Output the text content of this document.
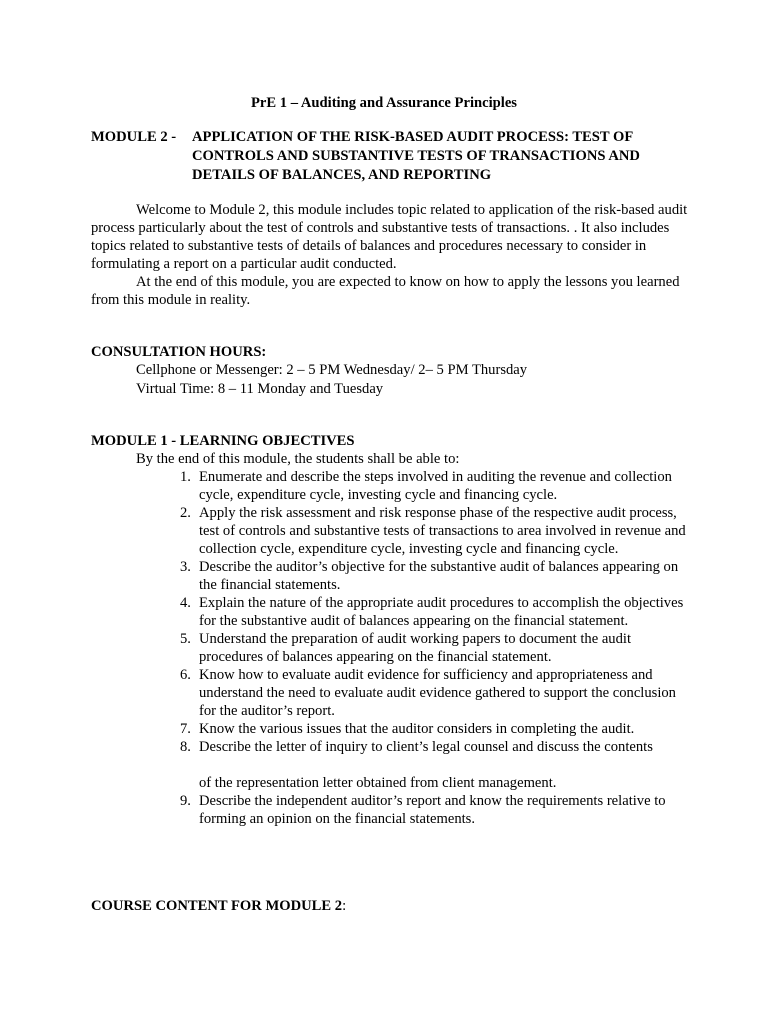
PrE 1 – Auditing and Assurance Principles
MODULE 2 - APPLICATION OF THE RISK-BASED AUDIT PROCESS: TEST OF CONTROLS AND SUBSTANTIVE TESTS OF TRANSACTIONS AND DETAILS OF BALANCES, AND REPORTING

Welcome to Module 2, this module includes topic related to application of the risk-based audit process particularly about the test of controls and substantive tests of transactions. . It also includes topics related to substantive tests of details of balances and procedures necessary to consider in formulating a report on a particular audit conducted.

At the end of this module, you are expected to know on how to apply the lessons you learned from this module in reality.

CONSULTATION HOURS:
Cellphone or Messenger: 2 – 5 PM Wednesday/ 2– 5 PM Thursday
Virtual Time: 8 – 11 Monday and Tuesday
MODULE 1 - LEARNING OBJECTIVES
By the end of this module, the students shall be able to:
1. Enumerate and describe the steps involved in auditing the revenue and collection cycle, expenditure cycle, investing cycle and financing cycle.
2. Apply the risk assessment and risk response phase of the respective audit process, test of controls and substantive tests of transactions to area involved in revenue and collection cycle, expenditure cycle, investing cycle and financing cycle.
3. Describe the auditor’s objective for the substantive audit of balances appearing on the financial statements.
4. Explain the nature of the appropriate audit procedures to accomplish the objectives for the substantive audit of balances appearing on the financial statement.
5. Understand the preparation of audit working papers to document the audit procedures of balances appearing on the financial statement.
6. Know how to evaluate audit evidence for sufficiency and appropriateness and understand the need to evaluate audit evidence gathered to support the conclusion for the auditor’s report.
7. Know the various issues that the auditor considers in completing the audit.
8. Describe the letter of inquiry to client’s legal counsel and discuss the contents
of the representation letter obtained from client management.
9. Describe the independent auditor’s report and know the requirements relative to forming an opinion on the financial statements.
COURSE CONTENT FOR MODULE 2:
